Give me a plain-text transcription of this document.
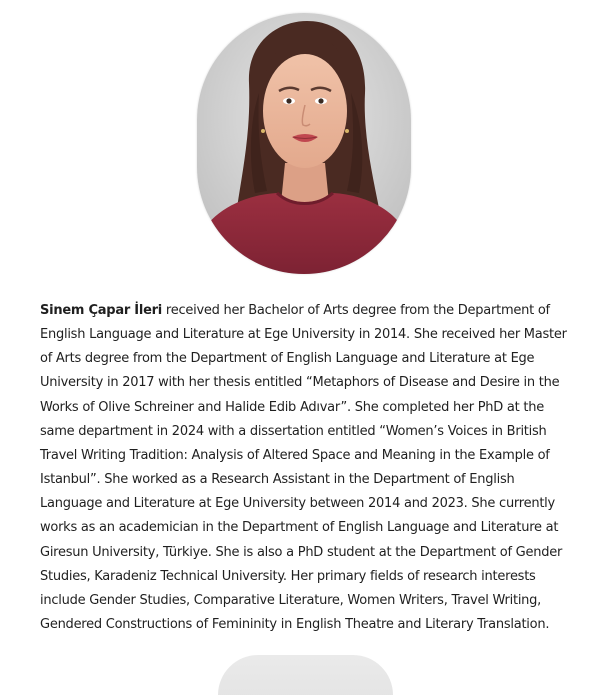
Sinem Çapar İleri received her Bachelor of Arts degree from the Department of English Language and Literature at Ege University in 2014. She received her Master of Arts degree from the Department of English Language and Literature at Ege University in 2017 with her thesis entitled “Metaphors of Disease and Desire in the Works of Olive Schreiner and Halide Edib Adıvar”. She completed her PhD at the same department in 2024 with a dissertation entitled “Women’s Voices in British Travel Writing Tradition: Analysis of Altered Space and Meaning in the Example of Istanbul”. She worked as a Research Assistant in the Department of English Language and Literature at Ege University between 2014 and 2023. She currently works as an academician in the Department of English Language and Literature at Giresun University, Türkiye. She is also a PhD student at the Department of Gender Studies, Karadeniz Technical University. Her primary fields of research interests include Gender Studies, Comparative Literature, Women Writers, Travel Writing, Gendered Constructions of Femininity in English Theatre and Literary Translation.
